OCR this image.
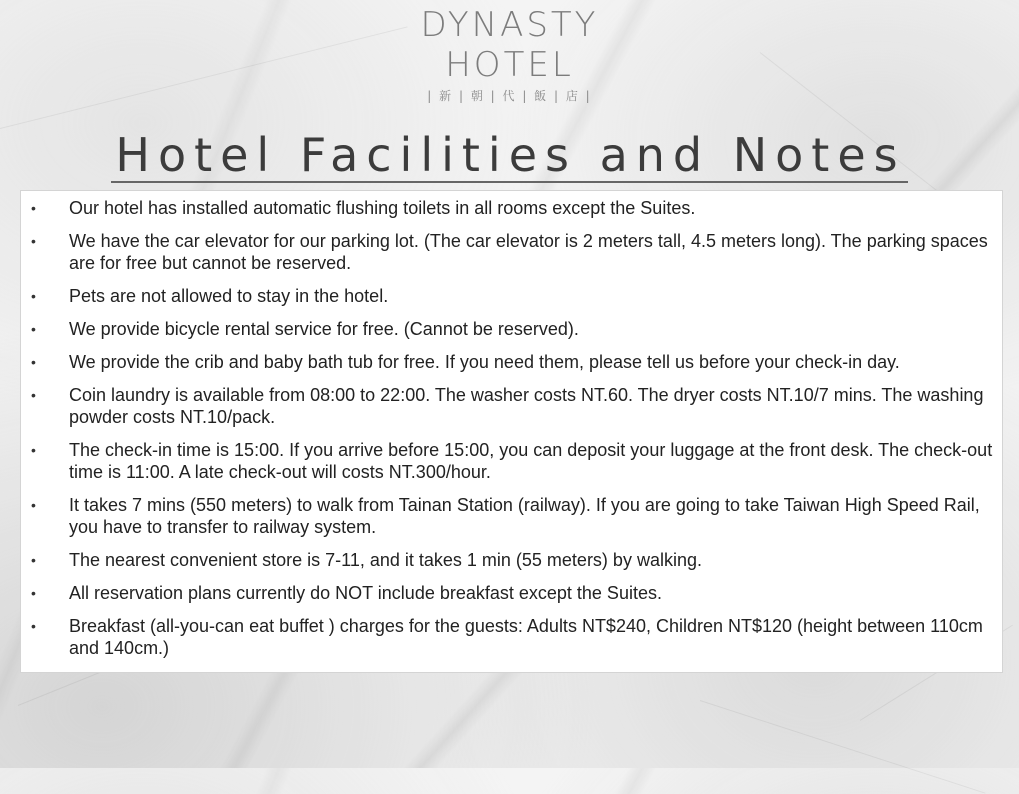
DYNASTY
HOTEL
| 新 | 朝 | 代 | 飯 | 店 |
Hotel Facilities and Notes
• Our hotel has installed automatic flushing toilets in all rooms except the Suites.
• We have the car elevator for our parking lot. (The car elevator is 2 meters tall, 4.5 meters long). The parking spaces are for free but cannot be reserved.
• Pets are not allowed to stay in the hotel.
• We provide bicycle rental service for free. (Cannot be reserved).
• We provide the crib and baby bath tub for free. If you need them, please tell us before your check-in day.
• Coin laundry is available from 08:00 to 22:00. The washer costs NT.60. The dryer costs NT.10/7 mins. The washing powder costs NT.10/pack.
• The check-in time is 15:00. If you arrive before 15:00, you can deposit your luggage at the front desk. The check-out time is 11:00. A late check-out will costs NT.300/hour.
• It takes 7 mins (550 meters) to walk from Tainan Station (railway). If you are going to take Taiwan High Speed Rail, you have to transfer to railway system.
• The nearest convenient store is 7-11, and it takes 1 min (55 meters) by walking.
• All reservation plans currently do NOT include breakfast except the Suites.
• Breakfast (all-you-can eat buffet ) charges for the guests: Adults NT$240, Children NT$120 (height between 110cm and 140cm.)
